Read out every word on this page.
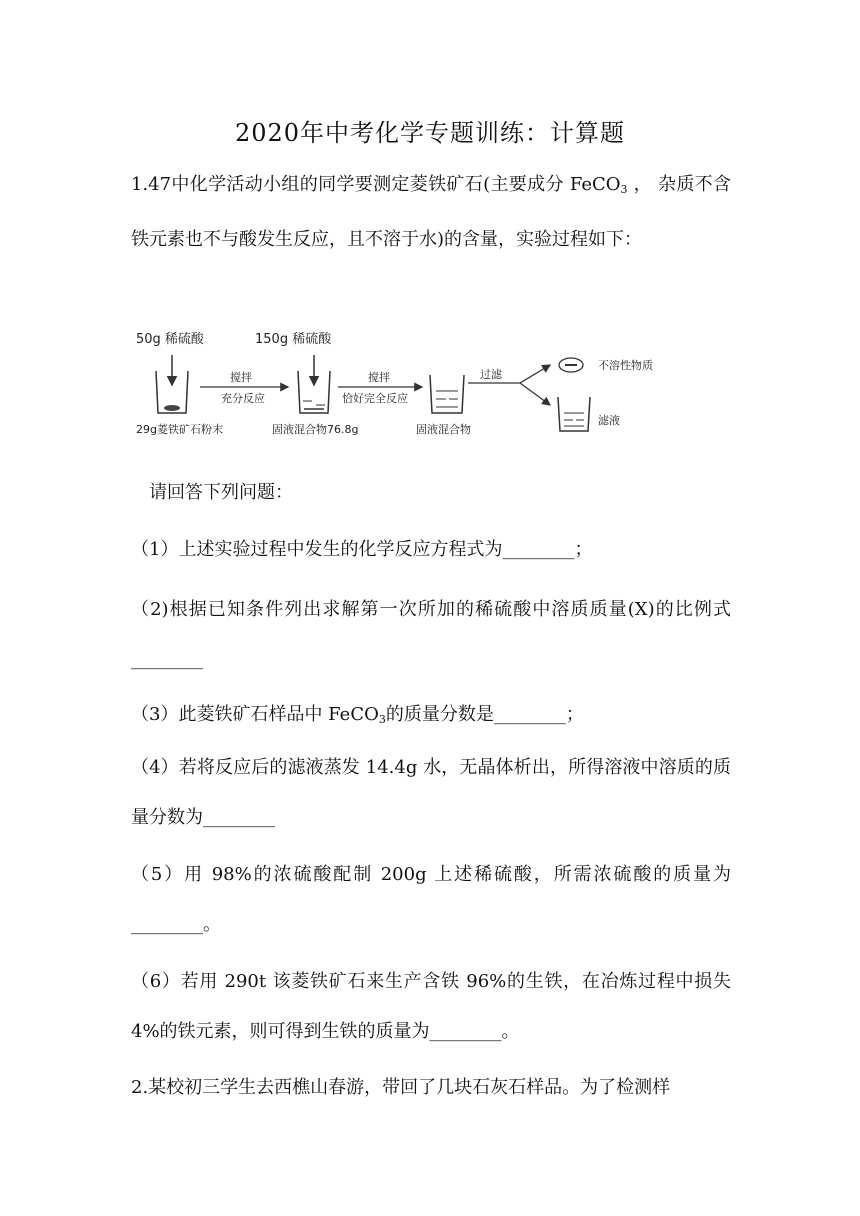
2020年中考化学专题训练：计算题
1.47中化学活动小组的同学要测定菱铁矿石(主要成分 FeCO$_3$ ， 杂质不含铁元素也不与酸发生反应，且不溶于水)的含量，实验过程如下：
50g 稀硫酸	150g 稀硫酸
搅拌
充分反应
搅拌
恰好完全反应
过滤
不溶性物质
滤液
29g菱铁矿石粉末	固液混合物76.8g	固液混合物
请回答下列问题：
（1）上述实验过程中发生的化学反应方程式为________；
（2)根据已知条件列出求解第一次所加的稀硫酸中溶质质量(X)的比例式________
（3）此菱铁矿石样品中 FeCO$_3$的质量分数是________；
（4）若将反应后的滤液蒸发 14.4g 水，无晶体析出，所得溶液中溶质的质量分数为________
（5）用 98%的浓硫酸配制 200g 上述稀硫酸，所需浓硫酸的质量为________。
（6）若用 290t 该菱铁矿石来生产含铁 96%的生铁，在冶炼过程中损失 4%的铁元素，则可得到生铁的质量为________。
2.某校初三学生去西樵山春游，带回了几块石灰石样品。为了检测样
